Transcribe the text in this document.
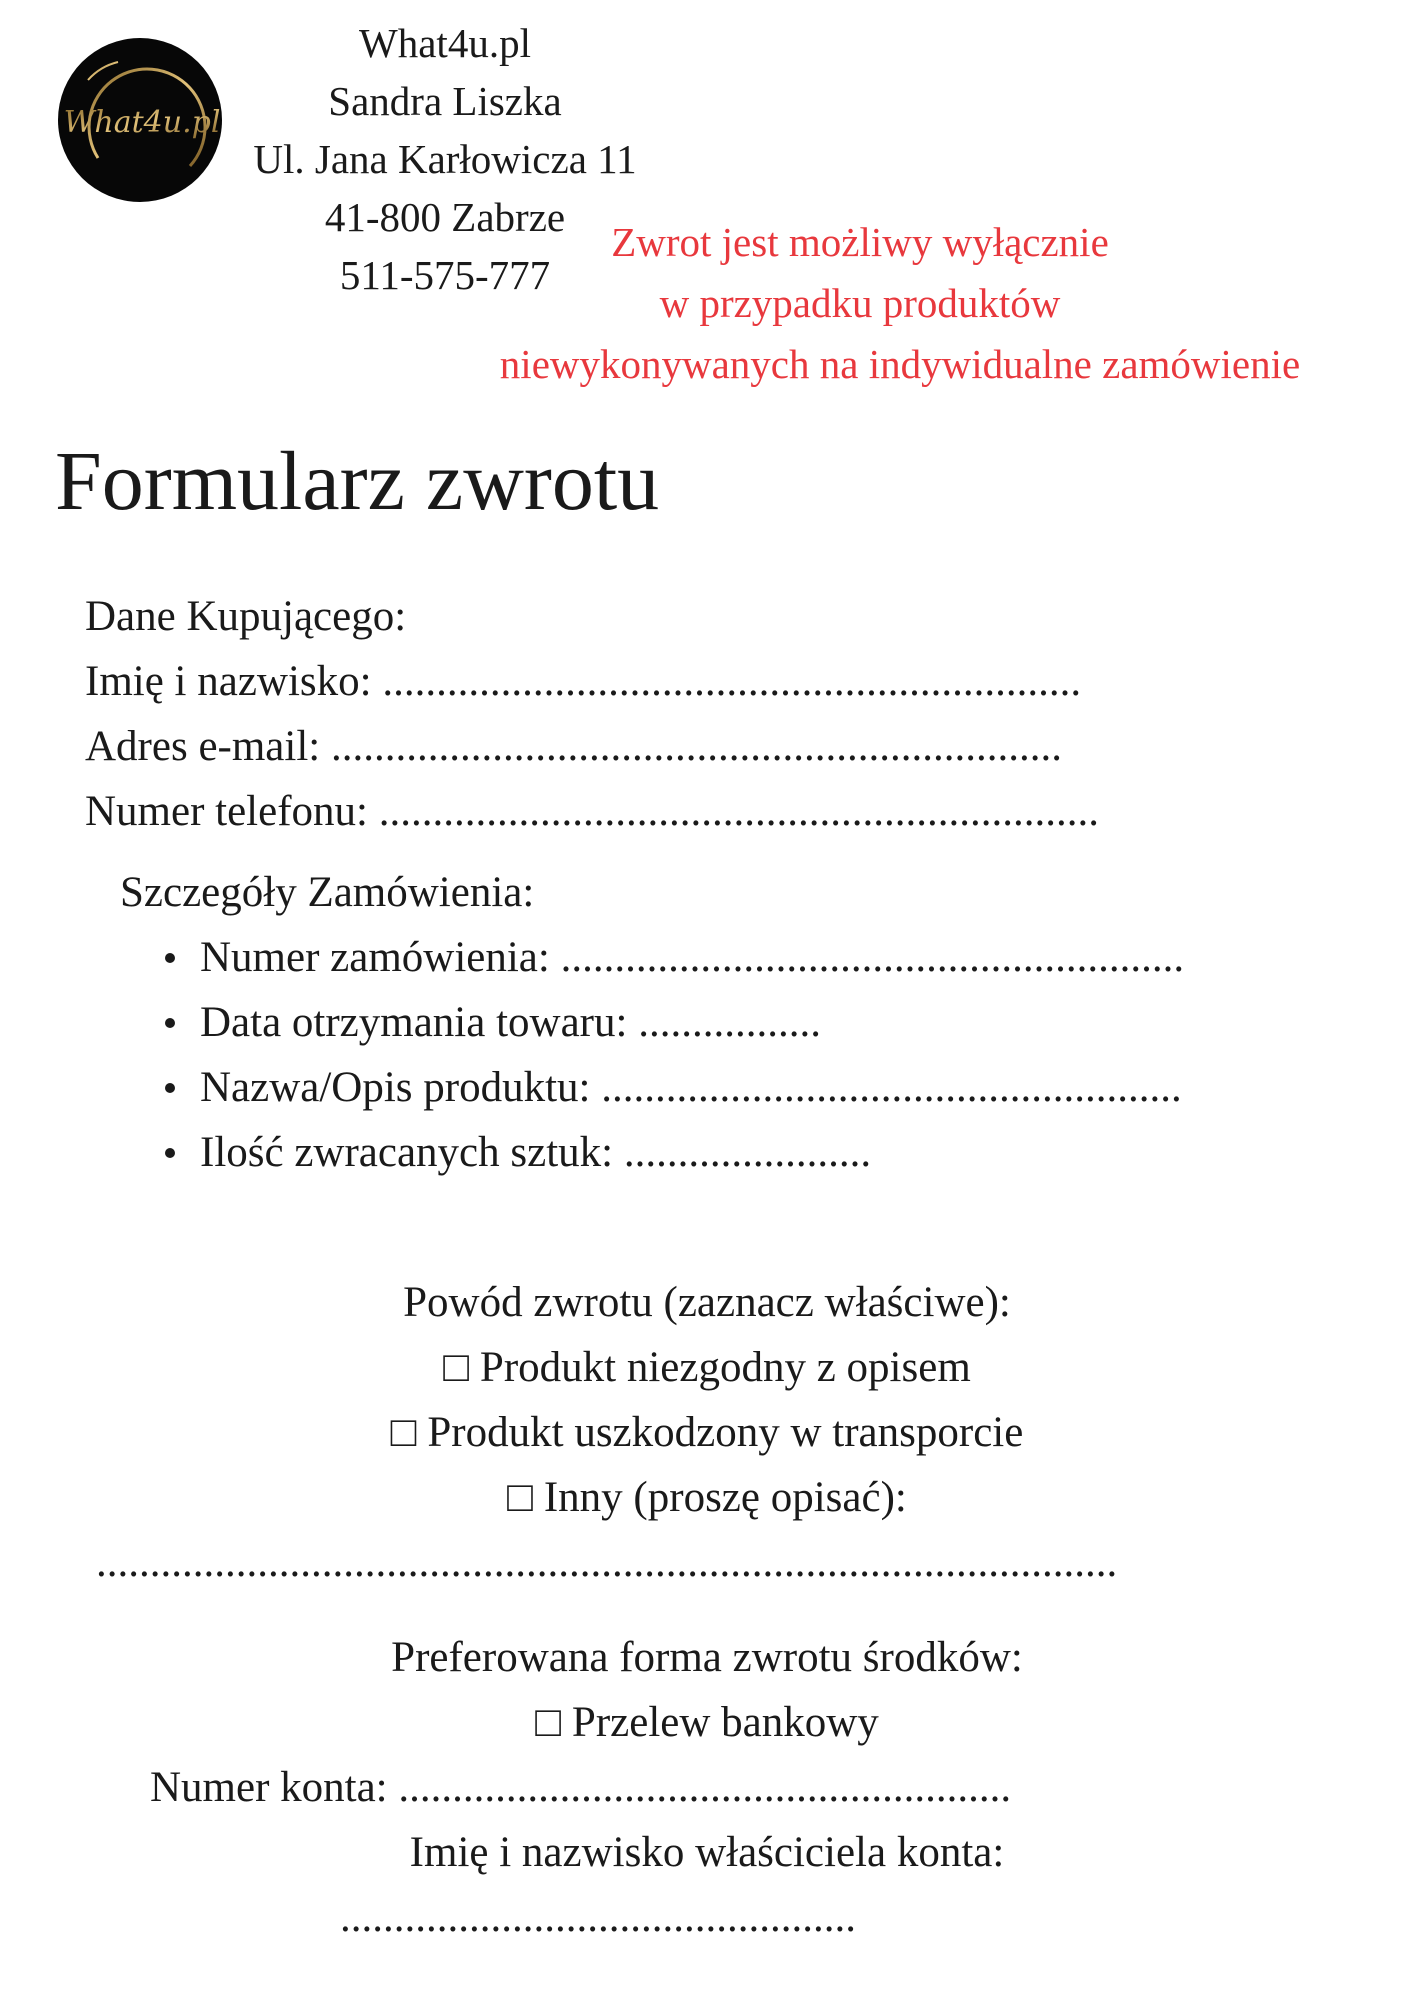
What4u.pl
What4u.pl
Sandra Liszka
Ul. Jana Karłowicza 11
41-800 Zabrze
511-575-777
Zwrot jest możliwy wyłącznie
w przypadku produktów
niewykonywanych na indywidualne zamówienie
Formularz zwrotu
Dane Kupującego:
Imię i nazwisko: .................................................................
Adres e-mail: ....................................................................
Numer telefonu: ...................................................................
Szczegóły Zamówienia:
Numer zamówienia: ..........................................................
Data otrzymania towaru: .................
Nazwa/Opis produktu: ......................................................
Ilość zwracanych sztuk: .......................
Powód zwrotu (zaznacz właściwe):
□ Produkt niezgodny z opisem
□ Produkt uszkodzony w transporcie
□ Inny (proszę opisać):
...............................................................................................
Preferowana forma zwrotu środków:
□ Przelew bankowy
Numer konta: .........................................................
Imię i nazwisko właściciela konta:
................................................
